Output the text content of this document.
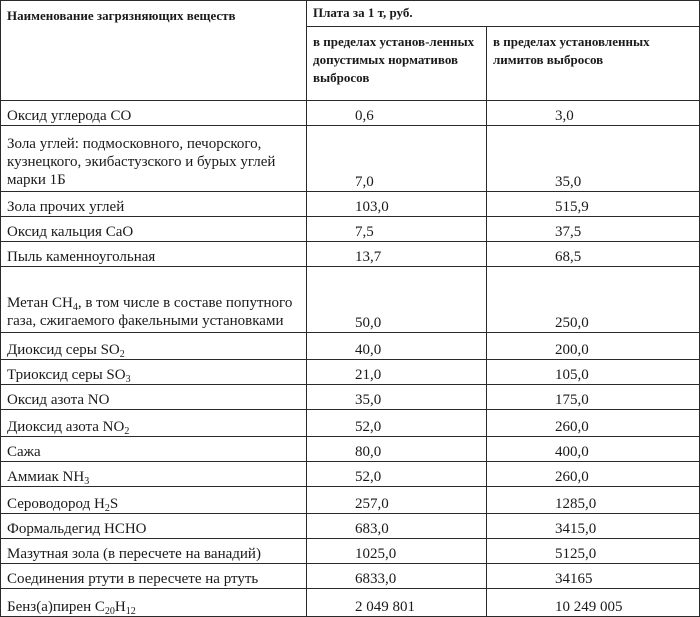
Наименование загрязняющих веществ	Плата за 1 т, руб.	
	в пределах установ-ленных допустимых нормативов выбросов	в пределах установленных лимитов выбросов
Оксид углерода CO	0,6	3,0
Зола углей: подмосковного, печорского, кузнецкого, экибастузского и бурых углей марки 1Б	7,0	35,0
Зола прочих углей	103,0	515,9
Оксид кальция CaO	7,5	37,5
Пыль каменноугольная	13,7	68,5
Метан $CH_4$, в том числе в составе попутного газа, сжигаемого факельными установками	50,0	250,0
Диоксид серы $SO_2$	40,0	200,0
Триоксид серы $SO_3$	21,0	105,0
Оксид азота NO	35,0	175,0
Диоксид азота $NO_2$	52,0	260,0
Сажа	80,0	400,0
Аммиак $NH_3$	52,0	260,0
Сероводород $H_2S$	257,0	1285,0
Формальдегид HCHO	683,0	3415,0
Мазутная зола (в пересчете на ванадий)	1025,0	5125,0
Соединения ртути в пересчете на ртуть	6833,0	34165
Бенз(а)пирен $C_{20}H_{12}$	2 049 801	10 249 005
